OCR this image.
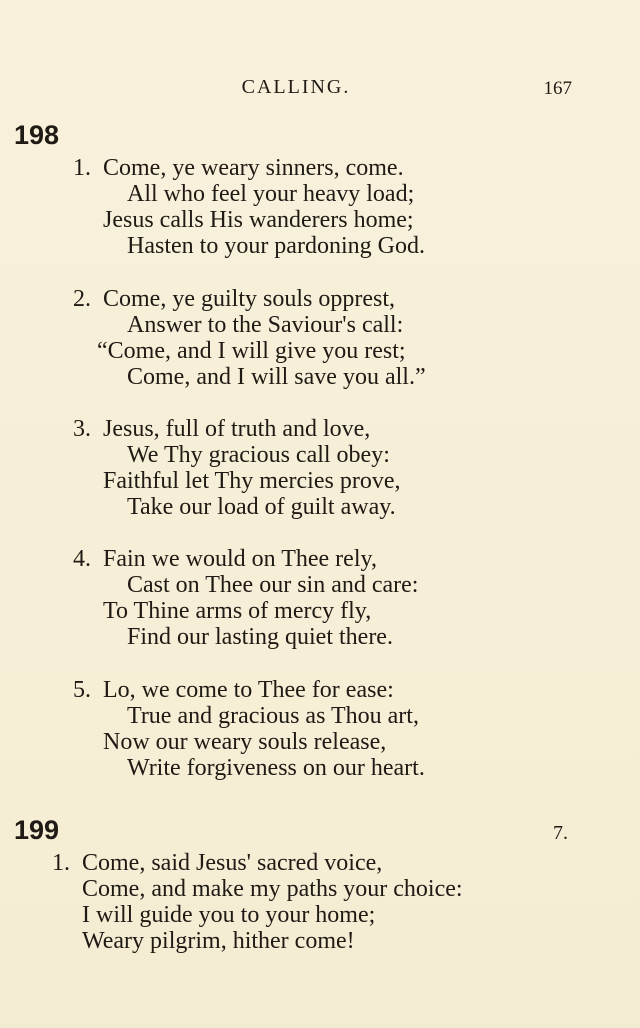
CALLING.	167
198
1. Come, ye weary sinners, come.
All who feel your heavy load;
Jesus calls His wanderers home;
Hasten to your pardoning God.
2. Come, ye guilty souls opprest,
Answer to the Saviour's call:
“Come, and I will give you rest;
Come, and I will save you all.”
3. Jesus, full of truth and love,
We Thy gracious call obey:
Faithful let Thy mercies prove,
Take our load of guilt away.
4. Fain we would on Thee rely,
Cast on Thee our sin and care:
To Thine arms of mercy fly,
Find our lasting quiet there.
5. Lo, we come to Thee for ease:
True and gracious as Thou art,
Now our weary souls release,
Write forgiveness on our heart.
199	7.
1. Come, said Jesus' sacred voice,
Come, and make my paths your choice:
I will guide you to your home;
Weary pilgrim, hither come!
